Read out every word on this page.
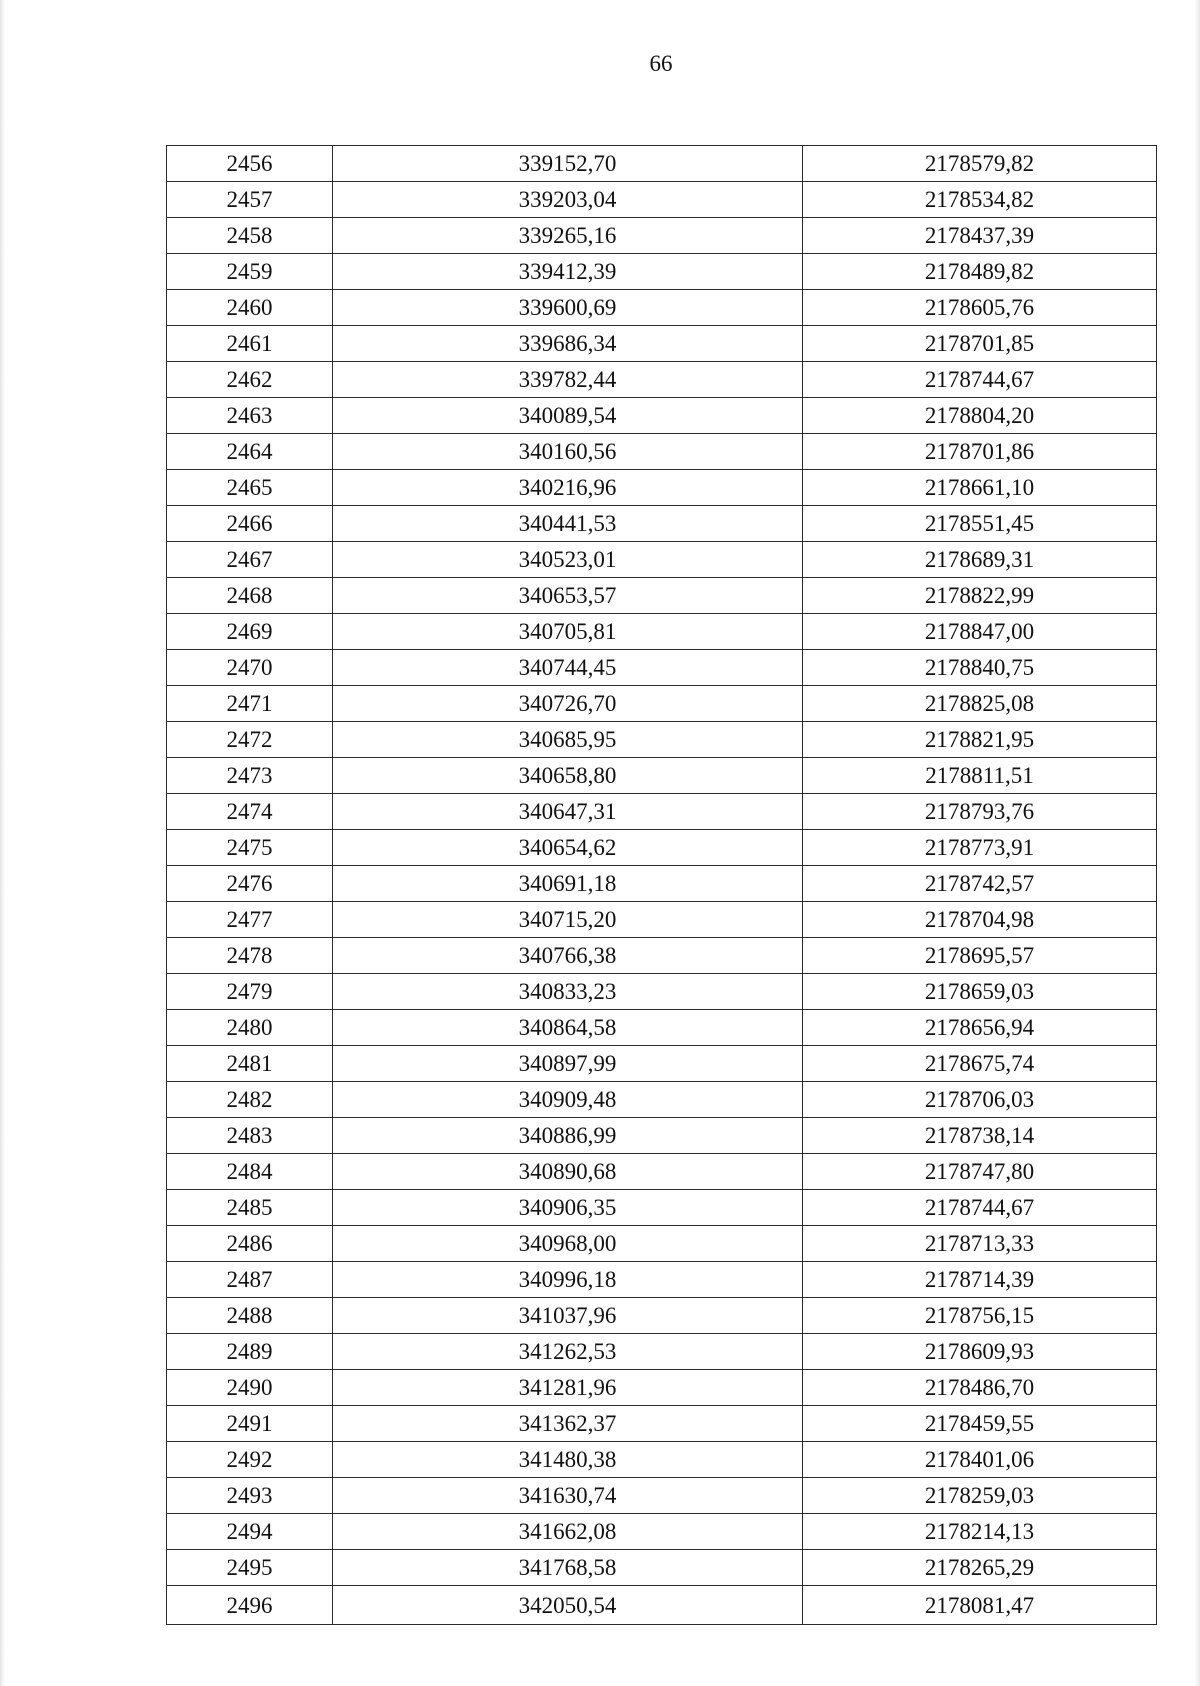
66
2456	339152,70	2178579,82
2457	339203,04	2178534,82
2458	339265,16	2178437,39
2459	339412,39	2178489,82
2460	339600,69	2178605,76
2461	339686,34	2178701,85
2462	339782,44	2178744,67
2463	340089,54	2178804,20
2464	340160,56	2178701,86
2465	340216,96	2178661,10
2466	340441,53	2178551,45
2467	340523,01	2178689,31
2468	340653,57	2178822,99
2469	340705,81	2178847,00
2470	340744,45	2178840,75
2471	340726,70	2178825,08
2472	340685,95	2178821,95
2473	340658,80	2178811,51
2474	340647,31	2178793,76
2475	340654,62	2178773,91
2476	340691,18	2178742,57
2477	340715,20	2178704,98
2478	340766,38	2178695,57
2479	340833,23	2178659,03
2480	340864,58	2178656,94
2481	340897,99	2178675,74
2482	340909,48	2178706,03
2483	340886,99	2178738,14
2484	340890,68	2178747,80
2485	340906,35	2178744,67
2486	340968,00	2178713,33
2487	340996,18	2178714,39
2488	341037,96	2178756,15
2489	341262,53	2178609,93
2490	341281,96	2178486,70
2491	341362,37	2178459,55
2492	341480,38	2178401,06
2493	341630,74	2178259,03
2494	341662,08	2178214,13
2495	341768,58	2178265,29
2496	342050,54	2178081,47
